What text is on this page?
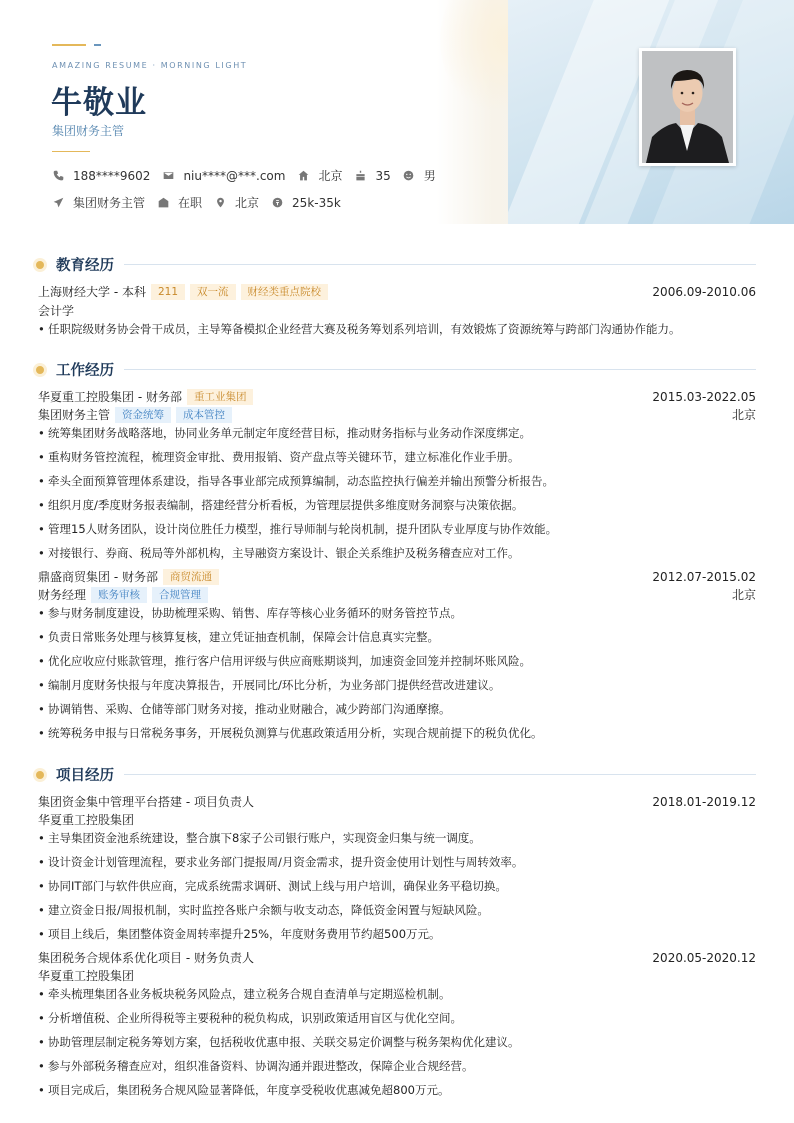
AMAZING RESUME · MORNING LIGHT
牛敬业
集团财务主管
188****9602	niu****@***.com	北京	35	男
集团财务主管	在职	北京	25k-35k
教育经历
上海财经大学 - 本科	211	双一流	财经类重点院校	2006.09-2010.06
会计学
• 任职院级财务协会骨干成员，主导筹备模拟企业经营大赛及税务筹划系列培训，有效锻炼了资源统筹与跨部门沟通协作能力。
工作经历
华夏重工控股集团 - 财务部	重工业集团	2015.03-2022.05
集团财务主管	资金统筹	成本管控	北京
• 统筹集团财务战略落地，协同业务单元制定年度经营目标，推动财务指标与业务动作深度绑定。
• 重构财务管控流程，梳理资金审批、费用报销、资产盘点等关键环节，建立标准化作业手册。
• 牵头全面预算管理体系建设，指导各事业部完成预算编制，动态监控执行偏差并输出预警分析报告。
• 组织月度/季度财务报表编制，搭建经营分析看板，为管理层提供多维度财务洞察与决策依据。
• 管理15人财务团队，设计岗位胜任力模型，推行导师制与轮岗机制，提升团队专业厚度与协作效能。
• 对接银行、券商、税局等外部机构，主导融资方案设计、银企关系维护及税务稽查应对工作。
鼎盛商贸集团 - 财务部	商贸流通	2012.07-2015.02
财务经理	账务审核	合规管理	北京
• 参与财务制度建设，协助梳理采购、销售、库存等核心业务循环的财务管控节点。
• 负责日常账务处理与核算复核，建立凭证抽查机制，保障会计信息真实完整。
• 优化应收应付账款管理，推行客户信用评级与供应商账期谈判，加速资金回笼并控制坏账风险。
• 编制月度财务快报与年度决算报告，开展同比/环比分析，为业务部门提供经营改进建议。
• 协调销售、采购、仓储等部门财务对接，推动业财融合，减少跨部门沟通摩擦。
• 统筹税务申报与日常税务事务，开展税负测算与优惠政策适用分析，实现合规前提下的税负优化。
项目经历
集团资金集中管理平台搭建 - 项目负责人	2018.01-2019.12
华夏重工控股集团
• 主导集团资金池系统建设，整合旗下8家子公司银行账户，实现资金归集与统一调度。
• 设计资金计划管理流程，要求业务部门提报周/月资金需求，提升资金使用计划性与周转效率。
• 协同IT部门与软件供应商，完成系统需求调研、测试上线与用户培训，确保业务平稳切换。
• 建立资金日报/周报机制，实时监控各账户余额与收支动态，降低资金闲置与短缺风险。
• 项目上线后，集团整体资金周转率提升25%，年度财务费用节约超500万元。
集团税务合规体系优化项目 - 财务负责人	2020.05-2020.12
华夏重工控股集团
• 牵头梳理集团各业务板块税务风险点，建立税务合规自查清单与定期巡检机制。
• 分析增值税、企业所得税等主要税种的税负构成，识别政策适用盲区与优化空间。
• 协助管理层制定税务筹划方案，包括税收优惠申报、关联交易定价调整与税务架构优化建议。
• 参与外部税务稽查应对，组织准备资料、协调沟通并跟进整改，保障企业合规经营。
• 项目完成后，集团税务合规风险显著降低，年度享受税收优惠减免超800万元。
